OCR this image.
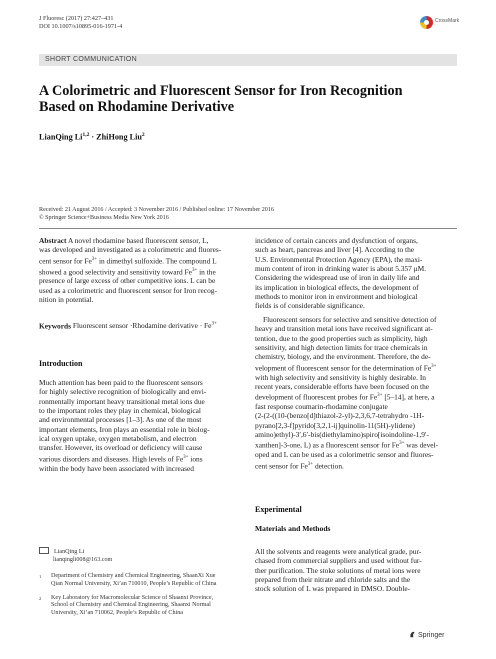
J Fluoresc (2017) 27:427–431
DOI 10.1007/s10895-016-1971-4
CrossMark
SHORT COMMUNICATION
A Colorimetric and Fluorescent Sensor for Iron Recognition
Based on Rhodamine Derivative
LianQing Li$^{1,2}$ · ZhiHong Liu$^2$
Received: 21 August 2016 / Accepted: 3 November 2016 / Published online: 17 November 2016
© Springer Science+Business Media New York 2016
Abstract A novel rhodamine based fluorescent sensor, L,
was developed and investigated as a colorimetric and fluores-
cent sensor for $Fe^{3+}$ in dimethyl sulfoxide. The compound L
showed a good selectivity and sensitivity toward $Fe^{3+}$ in the
presence of large excess of other competitive ions. L can be
used as a colorimetric and fluorescent sensor for Iron recog-
nition in potential.
Keywords Fluorescent sensor ·Rhodamine derivative · $Fe^{3+}$
Introduction
Much attention has been paid to the fluorescent sensors
for highly selective recognition of biologically and envi-
ronmentally important heavy transitional metal ions due
to the important roles they play in chemical, biological
and environmental processes [1–3]. As one of the most
important elements, Iron plays an essential role in biolog-
ical oxygen uptake, oxygen metabolism, and electron
transfer. However, its overload or deficiency will cause
various disorders and diseases. High levels of $Fe^{3+}$ ions
within the body have been associated with increased
LianQing Li
lianqingli008@163.com
1	Department of Chemistry and Chemical Engineering, ShaanXi Xue
Qian Normal University, Xi’an 710010, People’s Republic of China
2	Key Laboratory for Macromolecular Science of Shaanxi Province,
School of Chemistry and Chemical Engineering, Shaanxi Normal
University, Xi’an 710062, People’s Republic of China
incidence of certain cancers and dysfunction of organs,
such as heart, pancreas and liver [4]. According to the
U.S. Environmental Protection Agency (EPA), the maxi-
mum content of iron in drinking water is about 5.357 μM.
Considering the widespread use of iron in daily life and
its implication in biological effects, the development of
methods to monitor iron in environment and biological
fields is of considerable significance.
Fluorescent sensors for selective and sensitive detection of
heavy and transition metal ions have received significant at-
tention, due to the good properties such as simplicity, high
sensitivity, and high detection limits for trace chemicals in
chemistry, biology, and the environment. Therefore, the de-
velopment of fluorescent sensor for the determination of $Fe^{3+}$
with high selectivity and sensitivity is highly desirable. In
recent years, considerable efforts have been focused on the
development of fluorescent probes for $Fe^{3+}$ [5–14], at here, a
fast response coumarin-rhodamine conjugate
(2-(2-((10-(benzo[d]thiazol-2-yl)-2,3,6,7-tetrahydro -1H-
pyrano[2,3-f]pyrido[3,2,1-ij]quinolin-11(5H)-ylidene)
amino)ethyl)-3′,6′-bis(diethylamino)spiro[isoindoline-1,9′-
xanthen]-3-one, L) as a fluorescent sensor for $Fe^{3+}$ was devel-
oped and L can be used as a colorimetric sensor and fluores-
cent sensor for $Fe^{3+}$ detection.
Experimental
Materials and Methods
All the solvents and reagents were analytical grade, pur-
chased from commercial suppliers and used without fur-
ther purification. The stoke solutions of metal ions were
prepared from their nitrate and chloride salts and the
stock solution of L was prepared in DMSO. Double-
Springer
